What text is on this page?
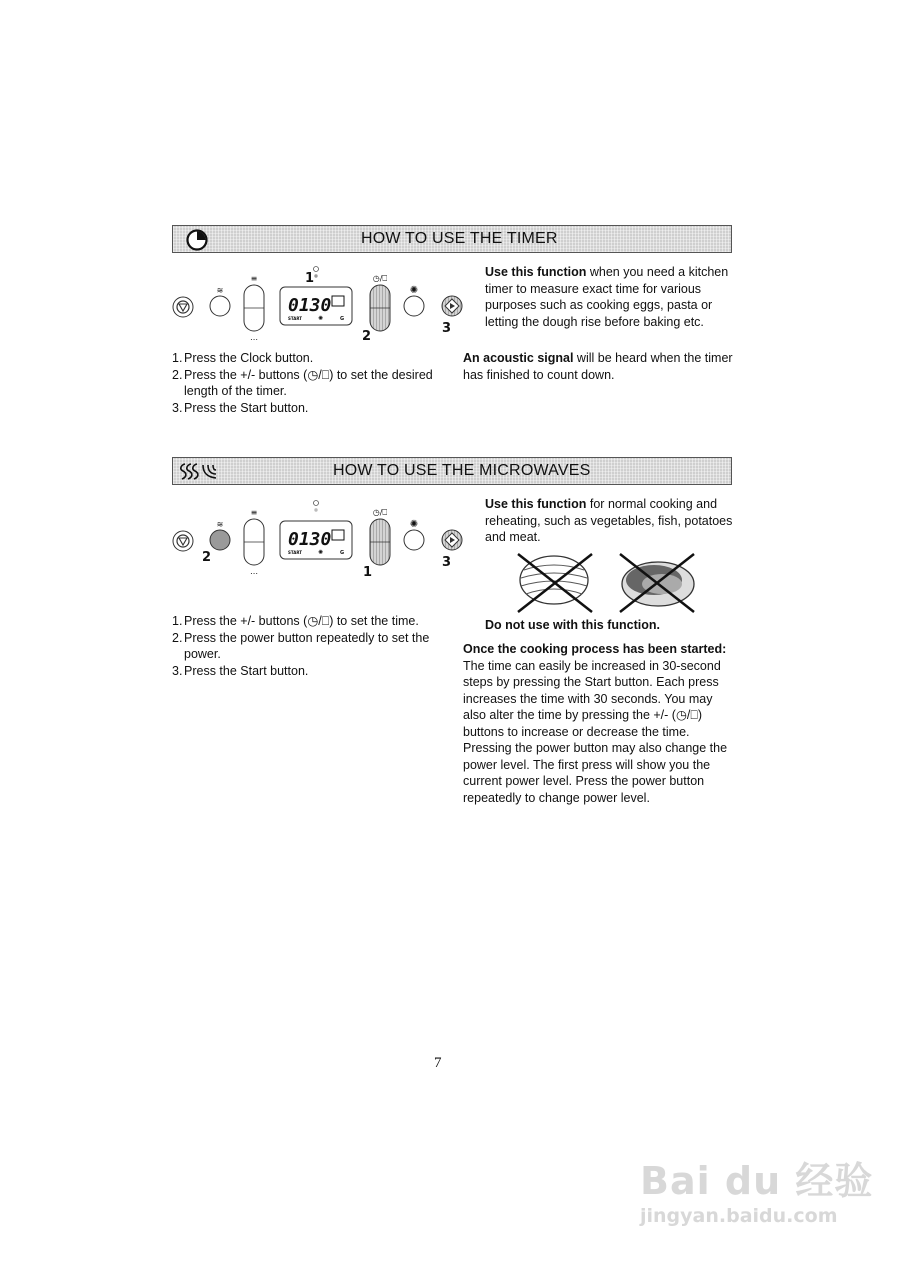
HOW TO USE THE TIMER
≋
≡
⋯
0130
START	✺	G
1	◷/⎕
2
✺
3
Use this function when you need a kitchen timer to measure exact time for various purposes such as cooking eggs, pasta or letting the dough rise before baking etc.
1. Press the Clock button.
2. Press the +/- buttons (◷/⎕) to set the desired length of the timer.
3. Press the Start button.
An acoustic signal will be heard when the timer has finished to count down.
HOW TO USE THE MICROWAVES
≋
2
≡
⋯
0130
START	✺	G
◷/⎕
1
✺
3
Use this function for normal cooking and reheating, such as vegetables, fish, potatoes and meat.
Do not use with this function.
1. Press the +/- buttons (◷/⎕) to set the time.
2. Press the power button repeatedly to set the power.
3. Press the Start button.
Once the cooking process has been started:
The time can easily be increased in 30-second steps by pressing the Start button. Each press increases the time with 30 seconds. You may also alter the time by pressing the +/- (◷/⎕) buttons to increase or decrease the time. Pressing the power button may also change the power level. The first press will show you the current power level. Press the power button repeatedly to change power level.
7
Bai du 经验
jingyan.baidu.com
